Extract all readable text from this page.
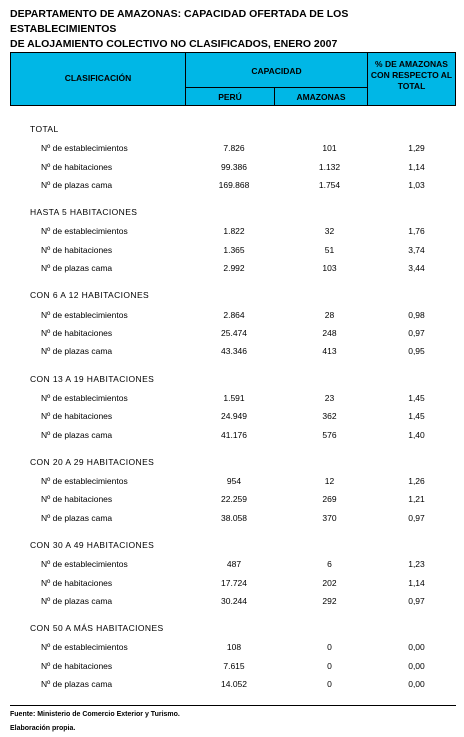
DEPARTAMENTO DE AMAZONAS: CAPACIDAD OFERTADA DE LOS ESTABLECIMIENTOS
DE ALOJAMIENTO COLECTIVO NO CLASIFICADOS, ENERO 2007
CLASIFICACIÓN
CAPACIDAD
PERÚ	AMAZONAS
% DE AMAZONAS
CON RESPECTO AL
TOTAL
TOTAL
Nº de establecimientos	7.826	101	1,29
Nº de habitaciones	99.386	1.132	1,14
Nº de plazas cama	169.868	1.754	1,03
HASTA 5 HABITACIONES
Nº de establecimientos	1.822	32	1,76
Nº de habitaciones	1.365	51	3,74
Nº de plazas cama	2.992	103	3,44
CON 6 A 12 HABITACIONES
Nº de establecimientos	2.864	28	0,98
Nº de habitaciones	25.474	248	0,97
Nº de plazas cama	43.346	413	0,95
CON 13 A 19 HABITACIONES
Nº de establecimientos	1.591	23	1,45
Nº de habitaciones	24.949	362	1,45
Nº de plazas cama	41.176	576	1,40
CON 20 A 29 HABITACIONES
Nº de establecimientos	954	12	1,26
Nº de habitaciones	22.259	269	1,21
Nº de plazas cama	38.058	370	0,97
CON 30 A 49 HABITACIONES
Nº de establecimientos	487	6	1,23
Nº de habitaciones	17.724	202	1,14
Nº de plazas cama	30.244	292	0,97
CON 50 A MÁS HABITACIONES
Nº de establecimientos	108	0	0,00
Nº de habitaciones	7.615	0	0,00
Nº de plazas cama	14.052	0	0,00
Fuente: Ministerio de Comercio Exterior y Turismo.
Elaboración propia.
